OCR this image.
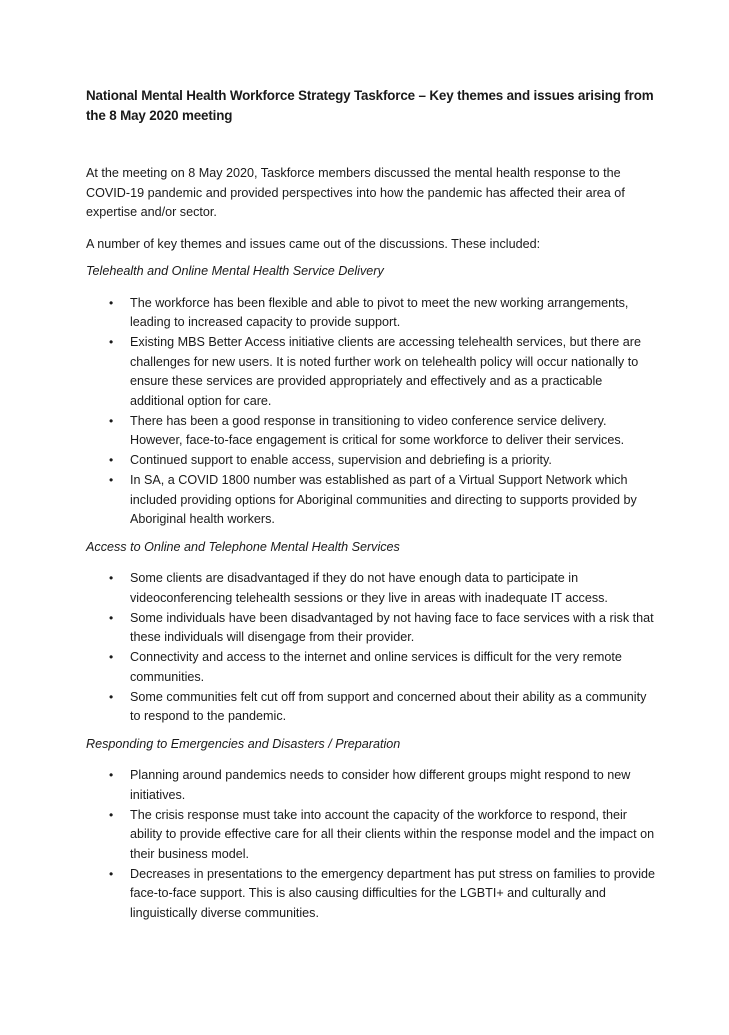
National Mental Health Workforce Strategy Taskforce – Key themes and issues arising from the 8 May 2020 meeting

At the meeting on 8 May 2020, Taskforce members discussed the mental health response to the COVID-19 pandemic and provided perspectives into how the pandemic has affected their area of expertise and/or sector.

A number of key themes and issues came out of the discussions. These included:

Telehealth and Online Mental Health Service Delivery

• The workforce has been flexible and able to pivot to meet the new working arrangements, leading to increased capacity to provide support.
• Existing MBS Better Access initiative clients are accessing telehealth services, but there are challenges for new users. It is noted further work on telehealth policy will occur nationally to ensure these services are provided appropriately and effectively and as a practicable additional option for care.
• There has been a good response in transitioning to video conference service delivery. However, face-to-face engagement is critical for some workforce to deliver their services.
• Continued support to enable access, supervision and debriefing is a priority.
• In SA, a COVID 1800 number was established as part of a Virtual Support Network which included providing options for Aboriginal communities and directing to supports provided by Aboriginal health workers.

Access to Online and Telephone Mental Health Services

• Some clients are disadvantaged if they do not have enough data to participate in videoconferencing telehealth sessions or they live in areas with inadequate IT access.
• Some individuals have been disadvantaged by not having face to face services with a risk that these individuals will disengage from their provider.
• Connectivity and access to the internet and online services is difficult for the very remote communities.
• Some communities felt cut off from support and concerned about their ability as a community to respond to the pandemic.

Responding to Emergencies and Disasters / Preparation

• Planning around pandemics needs to consider how different groups might respond to new initiatives.
• The crisis response must take into account the capacity of the workforce to respond, their ability to provide effective care for all their clients within the response model and the impact on their business model.
• Decreases in presentations to the emergency department has put stress on families to provide face-to-face support. This is also causing difficulties for the LGBTI+ and culturally and linguistically diverse communities.
